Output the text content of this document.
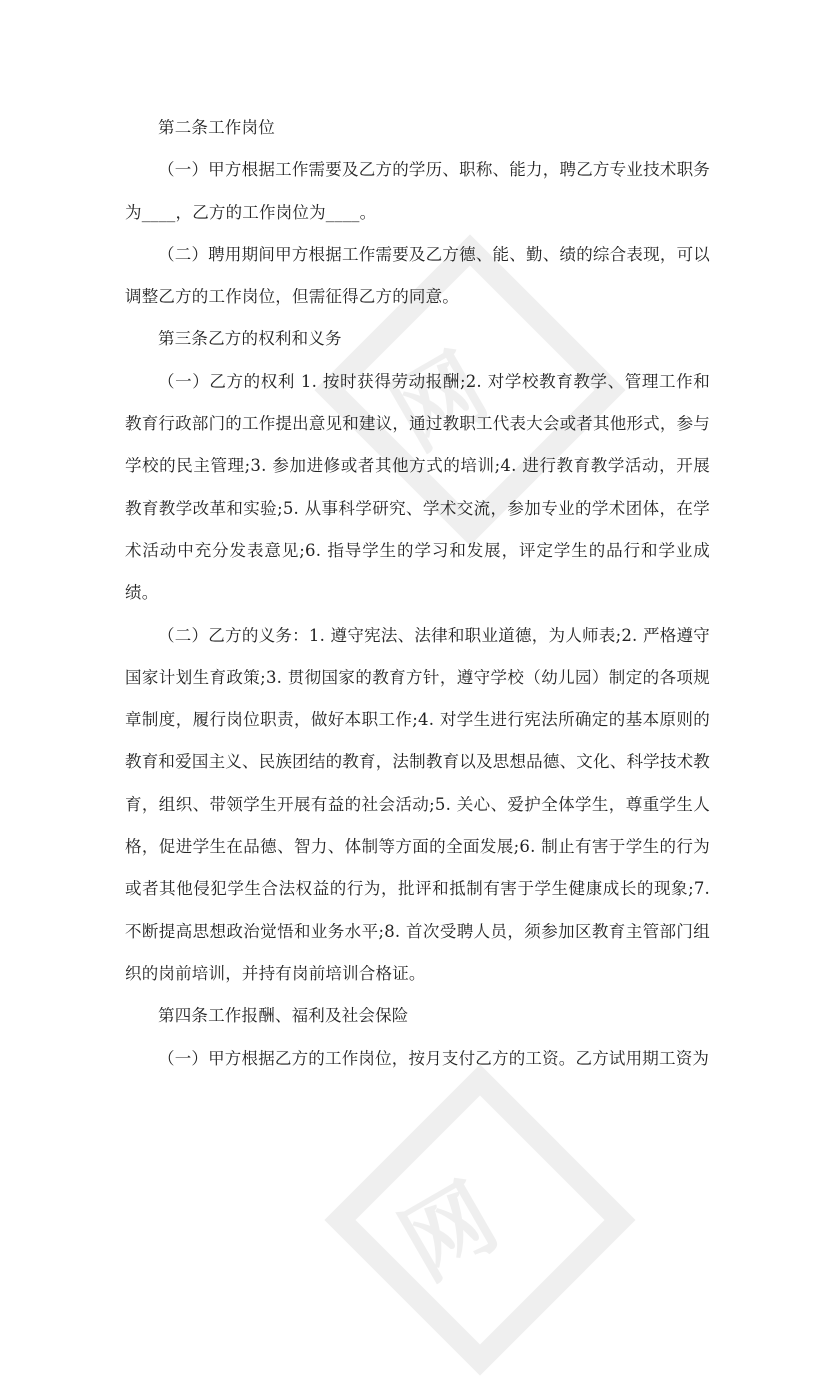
网
网

第二条工作岗位

（一）甲方根据工作需要及乙方的学历、职称、能力，聘乙方专业技术职务为____，乙方的工作岗位为____。

（二）聘用期间甲方根据工作需要及乙方德、能、勤、绩的综合表现，可以调整乙方的工作岗位，但需征得乙方的同意。

第三条乙方的权利和义务

（一）乙方的权利 1. 按时获得劳动报酬;2. 对学校教育教学、管理工作和教育行政部门的工作提出意见和建议，通过教职工代表大会或者其他形式，参与学校的民主管理;3. 参加进修或者其他方式的培训;4. 进行教育教学活动，开展教育教学改革和实验;5. 从事科学研究、学术交流，参加专业的学术团体，在学术活动中充分发表意见;6. 指导学生的学习和发展，评定学生的品行和学业成绩。

（二）乙方的义务：1. 遵守宪法、法律和职业道德，为人师表;2. 严格遵守国家计划生育政策;3. 贯彻国家的教育方针，遵守学校（幼儿园）制定的各项规章制度，履行岗位职责，做好本职工作;4. 对学生进行宪法所确定的基本原则的教育和爱国主义、民族团结的教育，法制教育以及思想品德、文化、科学技术教育，组织、带领学生开展有益的社会活动;5. 关心、爱护全体学生，尊重学生人格，促进学生在品德、智力、体制等方面的全面发展;6. 制止有害于学生的行为或者其他侵犯学生合法权益的行为，批评和抵制有害于学生健康成长的现象;7. 不断提高思想政治觉悟和业务水平;8. 首次受聘人员，须参加区教育主管部门组织的岗前培训，并持有岗前培训合格证。

第四条工作报酬、福利及社会保险

（一）甲方根据乙方的工作岗位，按月支付乙方的工资。乙方试用期工资为
